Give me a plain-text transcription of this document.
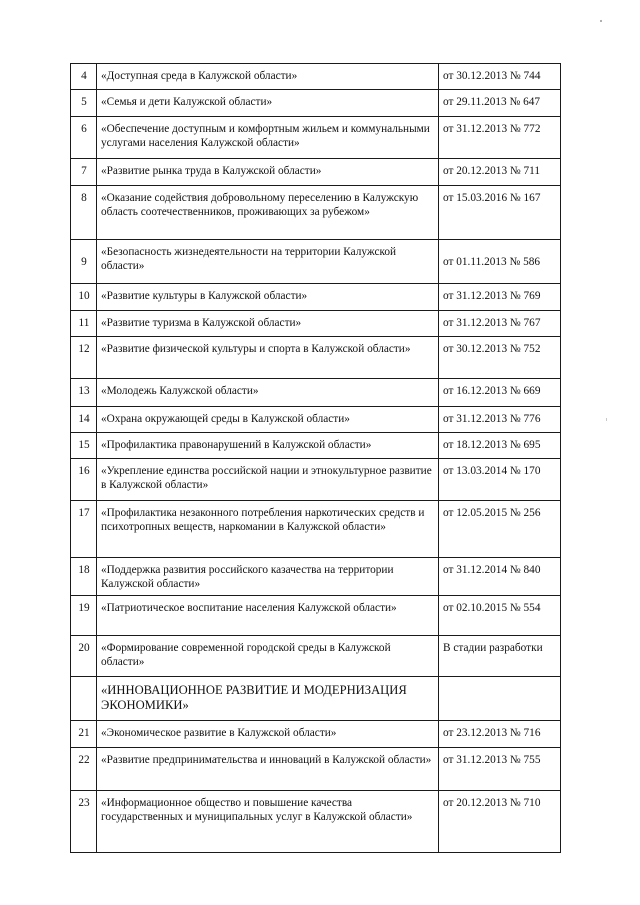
4	«Доступная среда в Калужской области»	от 30.12.2013 № 744
5	«Семья и дети Калужской области»	от 29.11.2013 № 647
6	«Обеспечение доступным и комфортным жильем и коммунальными услугами населения Калужской области»	от 31.12.2013 № 772
7	«Развитие рынка труда в Калужской области»	от 20.12.2013 № 711
8	«Оказание содействия добровольному переселению в Калужскую область соотечественников, проживающих за рубежом»	от 15.03.2016 № 167
9	«Безопасность жизнедеятельности на территории Калужской области»	от 01.11.2013 № 586
10	«Развитие культуры в Калужской области»	от 31.12.2013 № 769
11	«Развитие туризма в Калужской области»	от 31.12.2013 № 767
12	«Развитие физической культуры и спорта в Калужской области»	от 30.12.2013 № 752
13	«Молодежь Калужской области»	от 16.12.2013 № 669
14	«Охрана окружающей среды в Калужской области»	от 31.12.2013 № 776
15	«Профилактика правонарушений в Калужской области»	от 18.12.2013 № 695
16	«Укрепление единства российской нации и этнокультурное развитие в Калужской области»	от 13.03.2014 № 170
17	«Профилактика незаконного потребления наркотических средств и психотропных веществ, наркомании в Калужской области»	от 12.05.2015 № 256
18	«Поддержка развития российского казачества на территории Калужской области»	от 31.12.2014 № 840
19	«Патриотическое воспитание населения Калужской области»	от 02.10.2015 № 554
20	«Формирование современной городской среды в Калужской области»	В стадии разработки
	«ИННОВАЦИОННОЕ РАЗВИТИЕ И МОДЕРНИЗАЦИЯ ЭКОНОМИКИ»	
21	«Экономическое развитие в Калужской области»	от 23.12.2013 № 716
22	«Развитие предпринимательства и инноваций в Калужской области»	от 31.12.2013 № 755
23	«Информационное общество и повышение качества государственных и муниципальных услуг в Калужской области»	от 20.12.2013 № 710
